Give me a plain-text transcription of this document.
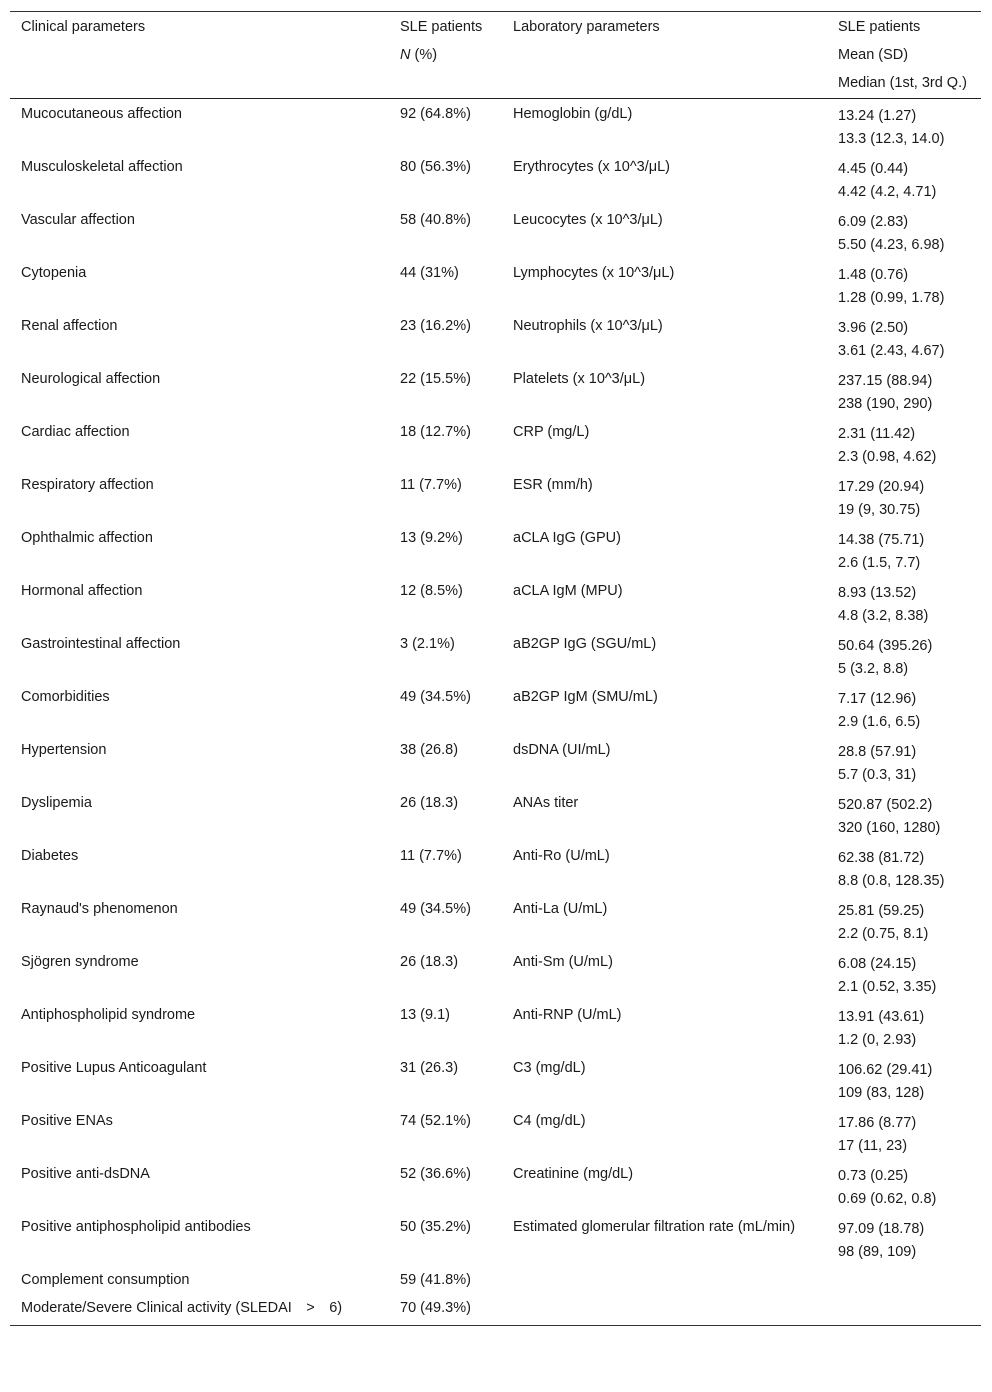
Clinical parameters	SLE patients	Laboratory parameters	SLE patients
	N (%)		Mean (SD)
			Median (1st, 3rd Q.)
Mucocutaneous affection	92 (64.8%)	Hemoglobin (g/dL)	13.24 (1.27)
13.3 (12.3, 14.0)

Musculoskeletal affection	80 (56.3%)	Erythrocytes (x 10^3/μL)	4.45 (0.44)
4.42 (4.2, 4.71)

Vascular affection	58 (40.8%)	Leucocytes (x 10^3/μL)	6.09 (2.83)
5.50 (4.23, 6.98)

Cytopenia	44 (31%)	Lymphocytes (x 10^3/μL)	1.48 (0.76)
1.28 (0.99, 1.78)

Renal affection	23 (16.2%)	Neutrophils (x 10^3/μL)	3.96 (2.50)
3.61 (2.43, 4.67)

Neurological affection	22 (15.5%)	Platelets (x 10^3/μL)	237.15 (88.94)
238 (190, 290)

Cardiac affection	18 (12.7%)	CRP (mg/L)	2.31 (11.42)
2.3 (0.98, 4.62)

Respiratory affection	11 (7.7%)	ESR (mm/h)	17.29 (20.94)
19 (9, 30.75)

Ophthalmic affection	13 (9.2%)	aCLA IgG (GPU)	14.38 (75.71)
2.6 (1.5, 7.7)

Hormonal affection	12 (8.5%)	aCLA IgM (MPU)	8.93 (13.52)
4.8 (3.2, 8.38)

Gastrointestinal affection	3 (2.1%)	aB2GP IgG (SGU/mL)	50.64 (395.26)
5 (3.2, 8.8)

Comorbidities	49 (34.5%)	aB2GP IgM (SMU/mL)	7.17 (12.96)
2.9 (1.6, 6.5)

Hypertension	38 (26.8)	dsDNA (UI/mL)	28.8 (57.91)
5.7 (0.3, 31)

Dyslipemia	26 (18.3)	ANAs titer	520.87 (502.2)
320 (160, 1280)

Diabetes	11 (7.7%)	Anti-Ro (U/mL)	62.38 (81.72)
8.8 (0.8, 128.35)

Raynaud's phenomenon	49 (34.5%)	Anti-La (U/mL)	25.81 (59.25)
2.2 (0.75, 8.1)

Sjögren syndrome	26 (18.3)	Anti-Sm (U/mL)	6.08 (24.15)
2.1 (0.52, 3.35)

Antiphospholipid syndrome	13 (9.1)	Anti-RNP (U/mL)	13.91 (43.61)
1.2 (0, 2.93)

Positive Lupus Anticoagulant	31 (26.3)	C3 (mg/dL)	106.62 (29.41)
109 (83, 128)

Positive ENAs	74 (52.1%)	C4 (mg/dL)	17.86 (8.77)
17 (11, 23)

Positive anti-dsDNA	52 (36.6%)	Creatinine (mg/dL)	0.73 (0.25)
0.69 (0.62, 0.8)

Positive antiphospholipid antibodies	50 (35.2%)	Estimated glomerular filtration rate (mL/min)	97.09 (18.78)
98 (89, 109)

Complement consumption	59 (41.8%)		

Moderate/Severe Clinical activity (SLEDAI > 6)	70 (49.3%)		
